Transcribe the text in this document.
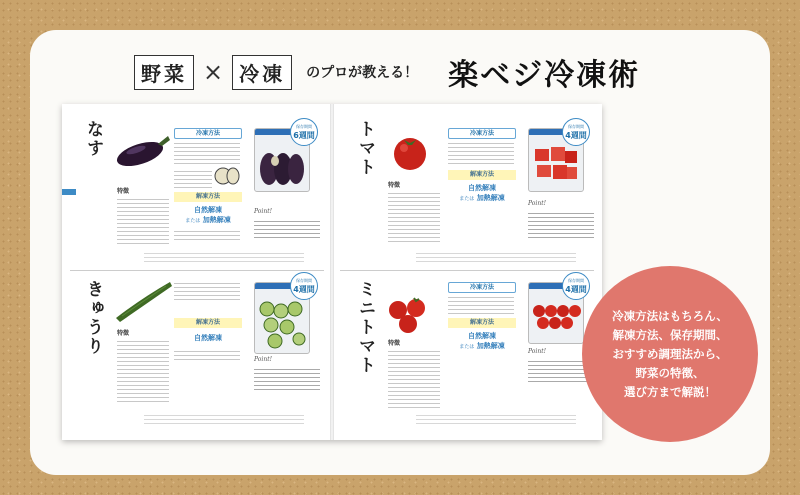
野菜 × 冷凍	のプロが教える！ 楽ベジ冷凍術
なす
特徴
冷凍方法
解凍方法
自然解凍
または 加熱解凍
保存期間
6週間
Point!
きゅうり	特徴
解凍方法
自然解凍
保存期間
4週間
Point!
トマト
特徴
冷凍方法
解凍方法
自然解凍
または 加熱解凍
保存期間
4週間
Point!
ミニトマト	特徴
冷凍方法
解凍方法
自然解凍
または 加熱解凍
保存期間
4週間
Point!
冷凍方法はもちろん、
解凍方法、保存期間、
おすすめ調理法から、
野菜の特徴、
選び方まで解説！
